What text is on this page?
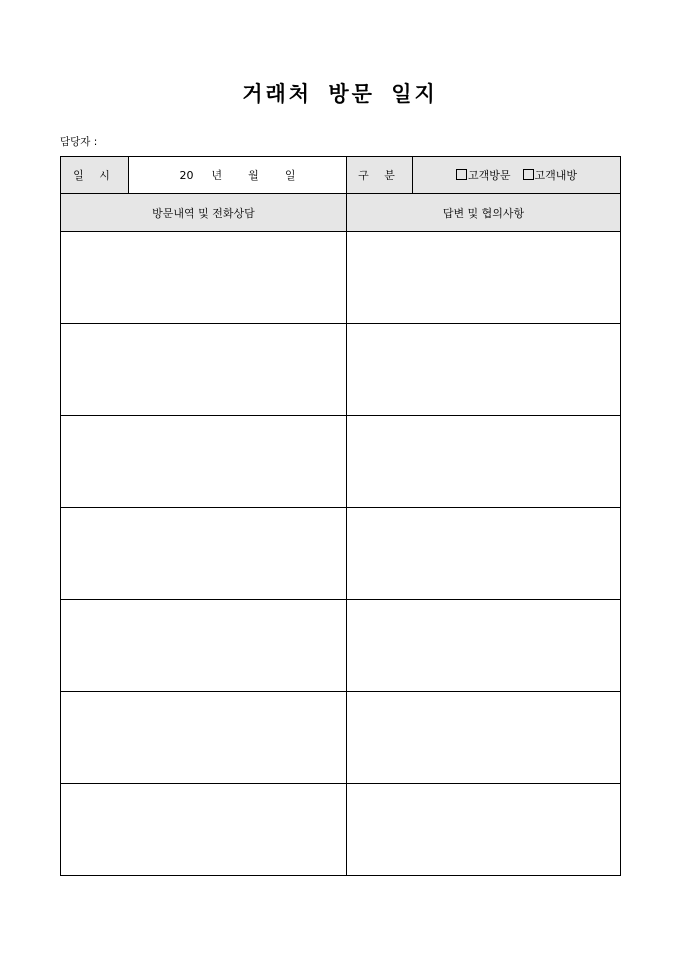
거래처 방문 일지
담당자 :
일 시	20 년 월 일	구 분	고객방문 고객내방
방문내역 및 전화상담		답변 및 협의사항	
